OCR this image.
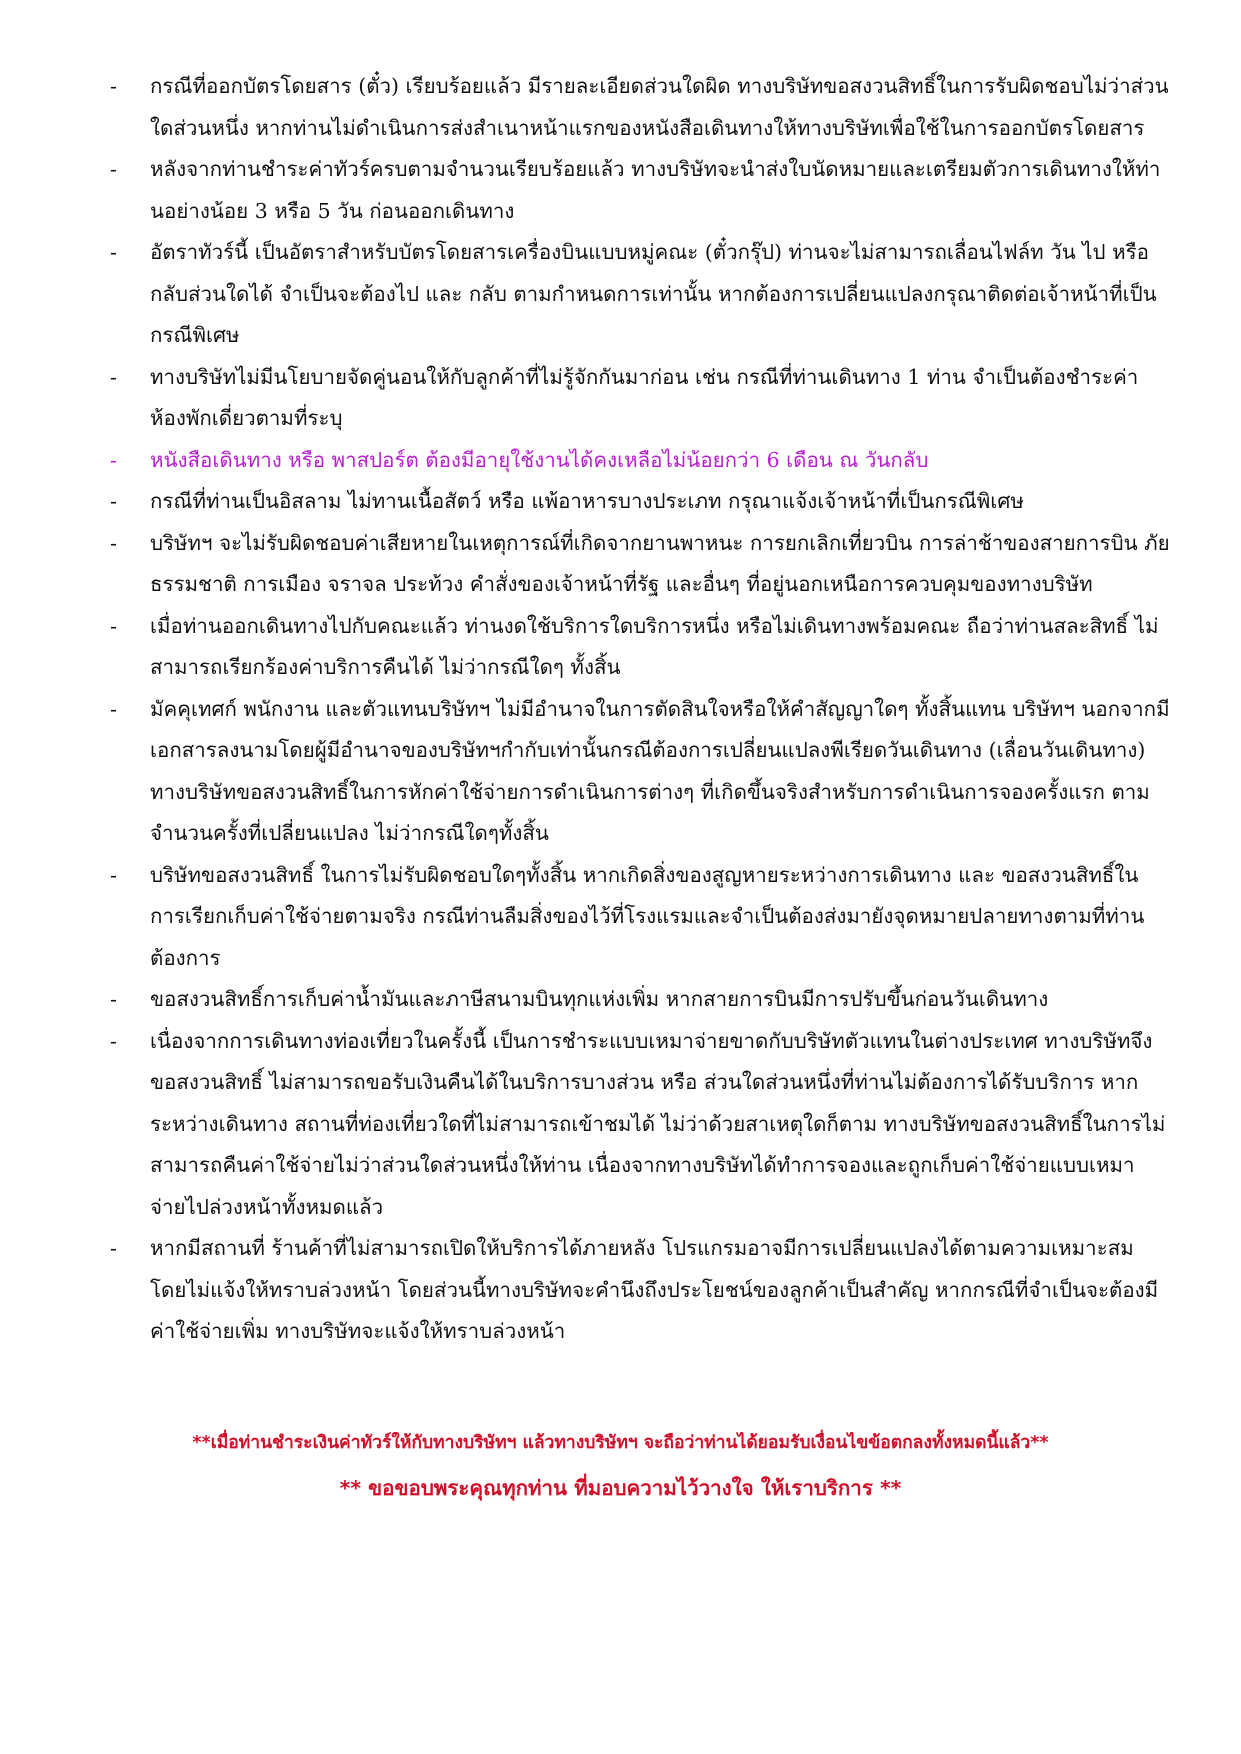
- กรณีที่ออกบัตรโดยสาร (ตั๋ว) เรียบร้อยแล้ว มีรายละเอียดส่วนใดผิด ทางบริษัทขอสงวนสิทธิ์ในการรับผิดชอบไม่ว่าส่วนใดส่วนหนึ่ง หากท่านไม่ดำเนินการส่งสำเนาหน้าแรกของหนังสือเดินทางให้ทางบริษัทเพื่อใช้ในการออกบัตรโดยสาร
- หลังจากท่านชำระค่าทัวร์ครบตามจำนวนเรียบร้อยแล้ว ทางบริษัทจะนำส่งใบนัดหมายและเตรียมตัวการเดินทางให้ท่านอย่างน้อย 3 หรือ 5 วัน ก่อนออกเดินทาง
- อัตราทัวร์นี้ เป็นอัตราสำหรับบัตรโดยสารเครื่องบินแบบหมู่คณะ (ตั๋วกรุ๊ป) ท่านจะไม่สามารถเลื่อนไฟล์ท วัน ไป หรือ กลับส่วนใดได้ จำเป็นจะต้องไป และ กลับ ตามกำหนดการเท่านั้น หากต้องการเปลี่ยนแปลงกรุณาติดต่อเจ้าหน้าที่เป็นกรณีพิเศษ
- ทางบริษัทไม่มีนโยบายจัดคู่นอนให้กับลูกค้าที่ไม่รู้จักกันมาก่อน เช่น กรณีที่ท่านเดินทาง 1 ท่าน จำเป็นต้องชำระค่าห้องพักเดี่ยวตามที่ระบุ
- หนังสือเดินทาง หรือ พาสปอร์ต ต้องมีอายุใช้งานได้คงเหลือไม่น้อยกว่า 6 เดือน ณ วันกลับ
- กรณีที่ท่านเป็นอิสลาม ไม่ทานเนื้อสัตว์ หรือ แพ้อาหารบางประเภท กรุณาแจ้งเจ้าหน้าที่เป็นกรณีพิเศษ
- บริษัทฯ จะไม่รับผิดชอบค่าเสียหายในเหตุการณ์ที่เกิดจากยานพาหนะ การยกเลิกเที่ยวบิน การล่าช้าของสายการบิน ภัยธรรมชาติ การเมือง จราจล ประท้วง คำสั่งของเจ้าหน้าที่รัฐ และอื่นๆ ที่อยู่นอกเหนือการควบคุมของทางบริษัท
- เมื่อท่านออกเดินทางไปกับคณะแล้ว ท่านงดใช้บริการใดบริการหนึ่ง หรือไม่เดินทางพร้อมคณะ ถือว่าท่านสละสิทธิ์ ไม่สามารถเรียกร้องค่าบริการคืนได้ ไม่ว่ากรณีใดๆ ทั้งสิ้น
- มัคคุเทศก์ พนักงาน และตัวแทนบริษัทฯ ไม่มีอำนาจในการตัดสินใจหรือให้คำสัญญาใดๆ ทั้งสิ้นแทน บริษัทฯ นอกจากมีเอกสารลงนามโดยผู้มีอำนาจของบริษัทฯกำกับเท่านั้นกรณีต้องการเปลี่ยนแปลงพีเรียดวันเดินทาง (เลื่อนวันเดินทาง) ทางบริษัทขอสงวนสิทธิ์ในการหักค่าใช้จ่ายการดำเนินการต่างๆ ที่เกิดขึ้นจริงสำหรับการดำเนินการจองครั้งแรก ตามจำนวนครั้งที่เปลี่ยนแปลง ไม่ว่ากรณีใดๆทั้งสิ้น
- บริษัทขอสงวนสิทธิ์ ในการไม่รับผิดชอบใดๆทั้งสิ้น หากเกิดสิ่งของสูญหายระหว่างการเดินทาง และ ขอสงวนสิทธิ์ในการเรียกเก็บค่าใช้จ่ายตามจริง กรณีท่านลืมสิ่งของไว้ที่โรงแรมและจำเป็นต้องส่งมายังจุดหมายปลายทางตามที่ท่านต้องการ
- ขอสงวนสิทธิ์การเก็บค่าน้ำมันและภาษีสนามบินทุกแห่งเพิ่ม หากสายการบินมีการปรับขึ้นก่อนวันเดินทาง
- เนื่องจากการเดินทางท่องเที่ยวในครั้งนี้ เป็นการชำระแบบเหมาจ่ายขาดกับบริษัทตัวแทนในต่างประเทศ ทางบริษัทจึงขอสงวนสิทธิ์ ไม่สามารถขอรับเงินคืนได้ในบริการบางส่วน หรือ ส่วนใดส่วนหนึ่งที่ท่านไม่ต้องการได้รับบริการ หากระหว่างเดินทาง สถานที่ท่องเที่ยวใดที่ไม่สามารถเข้าชมได้ ไม่ว่าด้วยสาเหตุใดก็ตาม ทางบริษัทขอสงวนสิทธิ์ในการไม่สามารถคืนค่าใช้จ่ายไม่ว่าส่วนใดส่วนหนึ่งให้ท่าน เนื่องจากทางบริษัทได้ทำการจองและถูกเก็บค่าใช้จ่ายแบบเหมาจ่ายไปล่วงหน้าทั้งหมดแล้ว
- หากมีสถานที่ ร้านค้าที่ไม่สามารถเปิดให้บริการได้ภายหลัง โปรแกรมอาจมีการเปลี่ยนแปลงได้ตามความเหมาะสม โดยไม่แจ้งให้ทราบล่วงหน้า โดยส่วนนี้ทางบริษัทจะคำนึงถึงประโยชน์ของลูกค้าเป็นสำคัญ หากกรณีที่จำเป็นจะต้องมีค่าใช้จ่ายเพิ่ม ทางบริษัทจะแจ้งให้ทราบล่วงหน้า
**เมื่อท่านชำระเงินค่าทัวร์ให้กับทางบริษัทฯ แล้วทางบริษัทฯ จะถือว่าท่านได้ยอมรับเงื่อนไขข้อตกลงทั้งหมดนี้แล้ว**
** ขอขอบพระคุณทุกท่าน ที่มอบความไว้วางใจ ให้เราบริการ **
